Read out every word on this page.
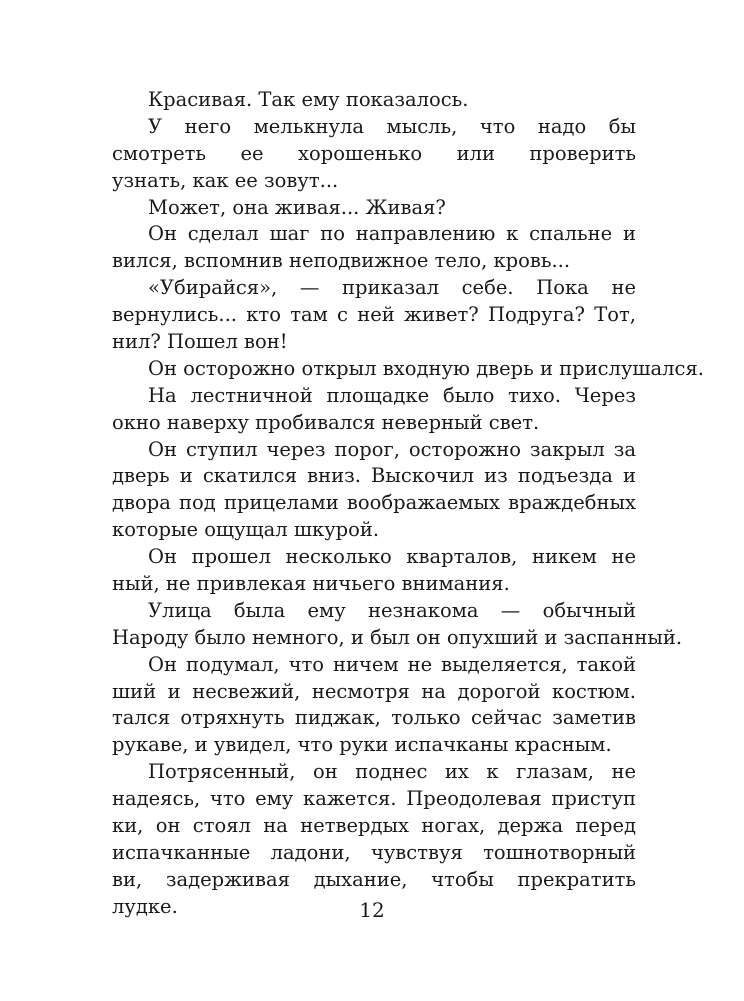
Красивая. Так ему показалось.
У него мелькнула мысль, что надо бы
смотреть ее хорошенько или проверить
узнать, как ее зовут...
Может, она живая... Живая?
Он сделал шаг по направлению к спальне и
вился, вспомнив неподвижное тело, кровь...
«Убирайся», — приказал себе. Пока не
вернулись... кто там с ней живет? Подруга? Тот,
нил? Пошел вон!
Он осторожно открыл входную дверь и прислушался.
На лестничной площадке было тихо. Через
окно наверху пробивался неверный свет.
Он ступил через порог, осторожно закрыл за
дверь и скатился вниз. Выскочил из подъезда и
двора под прицелами воображаемых враждебных
которые ощущал шкурой.
Он прошел несколько кварталов, никем не
ный, не привлекая ничьего внимания.
Улица была ему незнакома — обычный
Народу было немного, и был он опухший и заспанный.
Он подумал, что ничем не выделяется, такой
ший и несвежий, несмотря на дорогой костюм.
тался отряхнуть пиджак, только сейчас заметив
рукаве, и увидел, что руки испачканы красным.
Потрясенный, он поднес их к глазам, не
надеясь, что ему кажется. Преодолевая приступ
ки, он стоял на нетвердых ногах, держа перед
испачканные ладони, чувствуя тошнотворный
ви, задерживая дыхание, чтобы прекратить
лудке.	12
